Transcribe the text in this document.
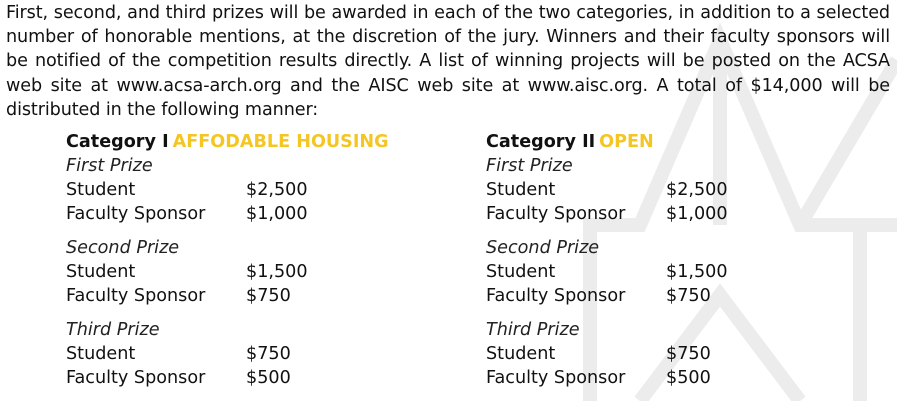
First, second, and third prizes will be awarded in each of the two categories, in addition to a selected number of honorable mentions, at the discretion of the jury. Winners and their faculty sponsors will be notified of the competition results directly. A list of winning projects will be posted on the ACSA web site at www.acsa-arch.org and the AISC web site at www.aisc.org. A total of $14,000 will be distributed in the following manner:

Category I AFFODABLE HOUSING
First Prize
Student	$2,500
Faculty Sponsor $1,000
Second Prize
Student	$1,500
Faculty Sponsor $750
Third Prize
Student	$750
Faculty Sponsor $500
Category II OPEN
First Prize
Student	$2,500
Faculty Sponsor $1,000
Second Prize
Student	$1,500
Faculty Sponsor $750
Third Prize
Student	$750
Faculty Sponsor $500
